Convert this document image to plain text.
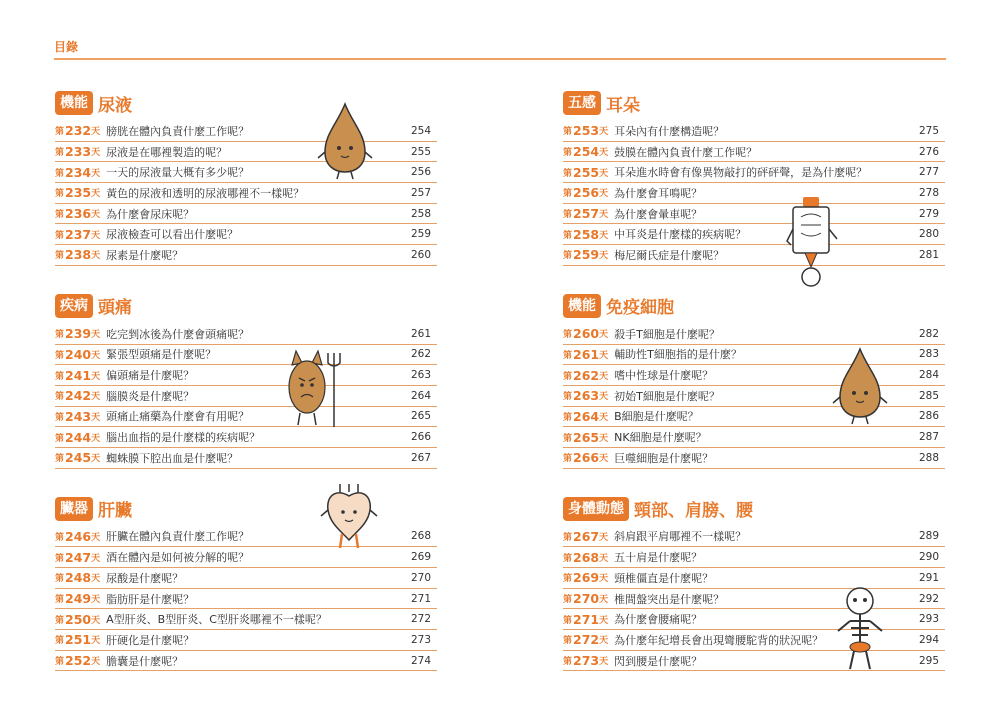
目錄
機能 尿液
第 232 天 膀胱在體內負責什麼工作呢？	254
第 233 天 尿液是在哪裡製造的呢？	255
第 234 天 一天的尿液量大概有多少呢？	256
第 235 天 黃色的尿液和透明的尿液哪裡不一樣呢？	257
第 236 天 為什麼會尿床呢？	258
第 237 天 尿液檢查可以看出什麼呢？	259
第 238 天 尿素是什麼呢？	260
疾病 頭痛
第 239 天 吃完剉冰後為什麼會頭痛呢？	261
第 240 天 緊張型頭痛是什麼呢？	262
第 241 天 偏頭痛是什麼呢？	263
第 242 天 腦膜炎是什麼呢？	264
第 243 天 頭痛止痛藥為什麼會有用呢？	265
第 244 天 腦出血指的是什麼樣的疾病呢？	266
第 245 天 蜘蛛膜下腔出血是什麼呢？	267
臟器 肝臟
第 246 天 肝臟在體內負責什麼工作呢？	268
第 247 天 酒在體內是如何被分解的呢？	269
第 248 天 尿酸是什麼呢？	270
第 249 天 脂肪肝是什麼呢？	271
第 250 天 A型肝炎、B型肝炎、C型肝炎哪裡不一樣呢？	272
第 251 天 肝硬化是什麼呢？	273
第 252 天 膽囊是什麼呢？	274
五感 耳朵
第 253 天 耳朵內有什麼構造呢？	275
第 254 天 鼓膜在體內負責什麼工作呢？	276
第 255 天 耳朵進水時會有像異物敲打的砰砰聲，是為什麼呢？	277
第 256 天 為什麼會耳鳴呢？	278
第 257 天 為什麼會暈車呢？	279
第 258 天 中耳炎是什麼樣的疾病呢？	280
第 259 天 梅尼爾氏症是什麼呢？	281
機能 免疫細胞
第 260 天 殺手T細胞是什麼呢？	282
第 261 天 輔助性T細胞指的是什麼？	283
第 262 天 嗜中性球是什麼呢？	284
第 263 天 初始T細胞是什麼呢？	285
第 264 天 B細胞是什麼呢？	286
第 265 天 NK細胞是什麼呢？	287
第 266 天 巨噬細胞是什麼呢？	288
身體動態 頸部、肩膀、腰
第 267 天 斜肩跟平肩哪裡不一樣呢？	289
第 268 天 五十肩是什麼呢？	290
第 269 天 頸椎僵直是什麼呢？	291
第 270 天 椎間盤突出是什麼呢？	292
第 271 天 為什麼會腰痛呢？	293
第 272 天 為什麼年紀增長會出現彎腰駝背的狀況呢？	294
第 273 天 閃到腰是什麼呢？	295
